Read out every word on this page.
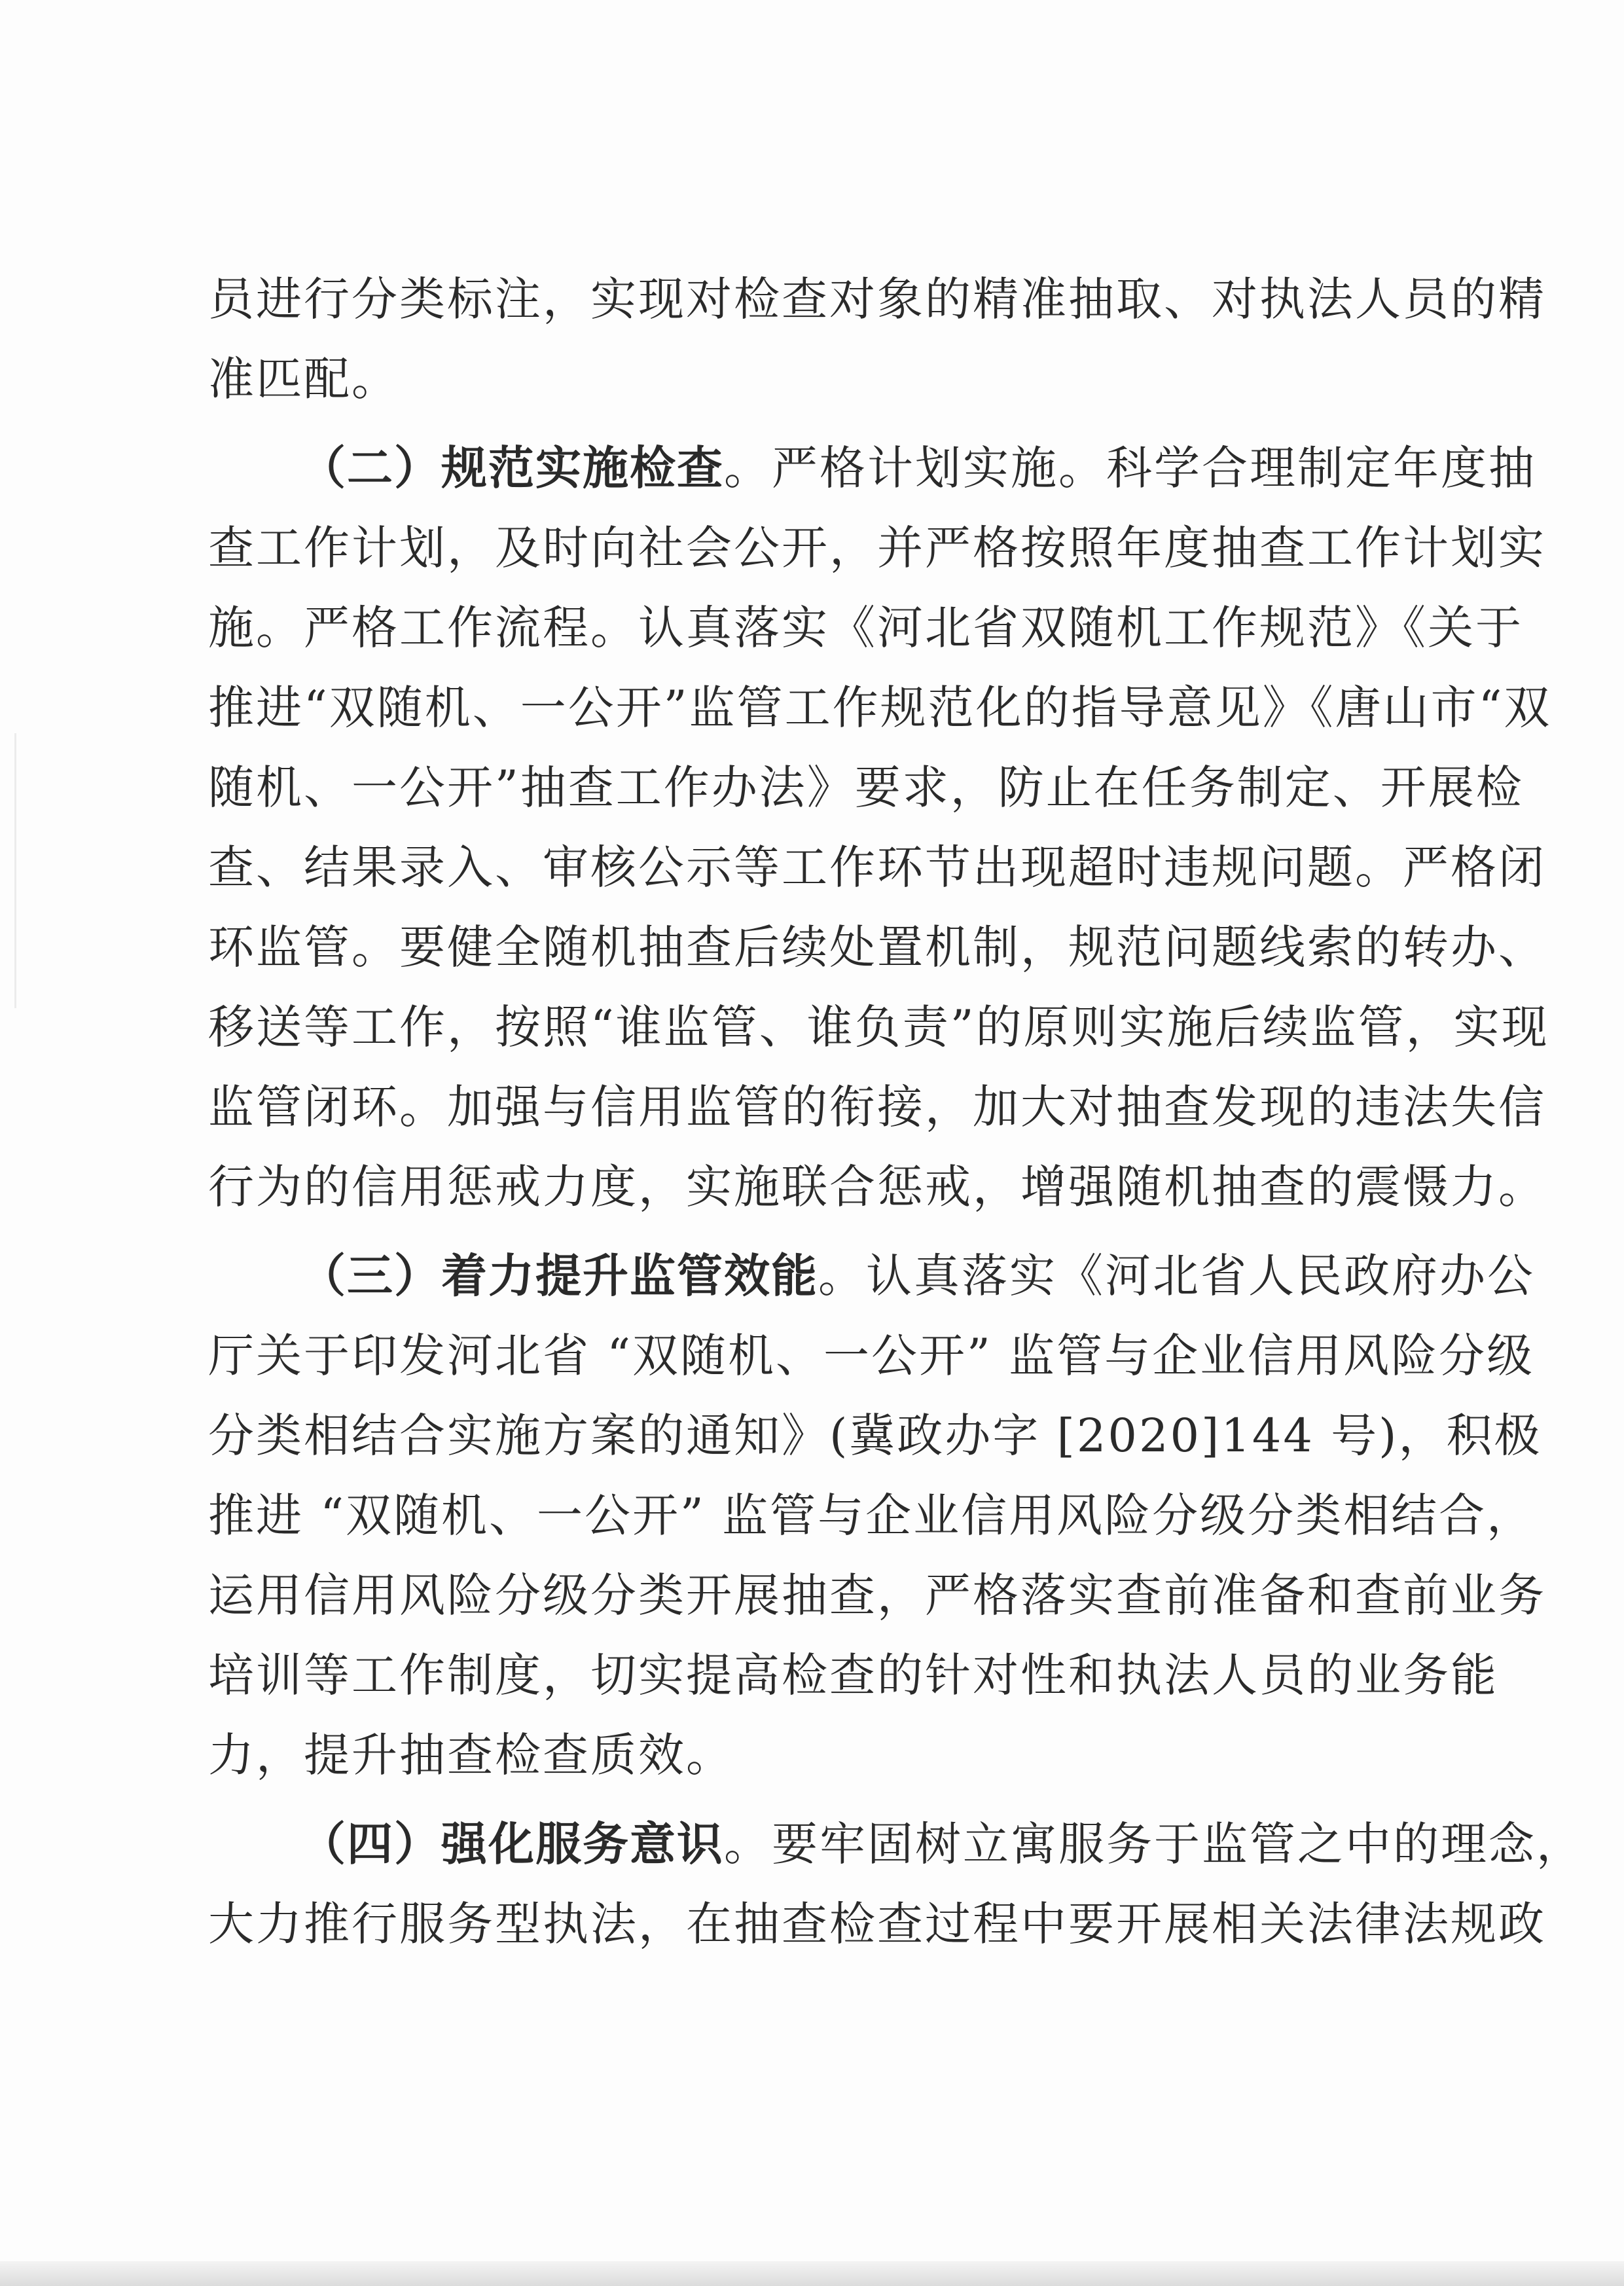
员进行分类标注，实现对检查对象的精准抽取、对执法人员的精
准匹配。
（二）规范实施检查。严格计划实施。科学合理制定年度抽
查工作计划，及时向社会公开，并严格按照年度抽查工作计划实
施。严格工作流程。认真落实《河北省双随机工作规范》《关于
推进“双随机、一公开”监管工作规范化的指导意见》《唐山市“双
随机、一公开”抽查工作办法》要求，防止在任务制定、开展检
查、结果录入、审核公示等工作环节出现超时违规问题。严格闭
环监管。要健全随机抽查后续处置机制，规范问题线索的转办、
移送等工作，按照“谁监管、谁负责”的原则实施后续监管，实现
监管闭环。加强与信用监管的衔接，加大对抽查发现的违法失信
行为的信用惩戒力度，实施联合惩戒，增强随机抽查的震慑力。
（三）着力提升监管效能。认真落实《河北省人民政府办公
厅关于印发河北省 “双随机、一公开” 监管与企业信用风险分级
分类相结合实施方案的通知》(冀政办字 [2020]144 号)，积极
推进 “双随机、一公开” 监管与企业信用风险分级分类相结合，
运用信用风险分级分类开展抽查，严格落实查前准备和查前业务
培训等工作制度，切实提高检查的针对性和执法人员的业务能
力，提升抽查检查质效。
（四）强化服务意识。要牢固树立寓服务于监管之中的理念，
大力推行服务型执法，在抽查检查过程中要开展相关法律法规政
